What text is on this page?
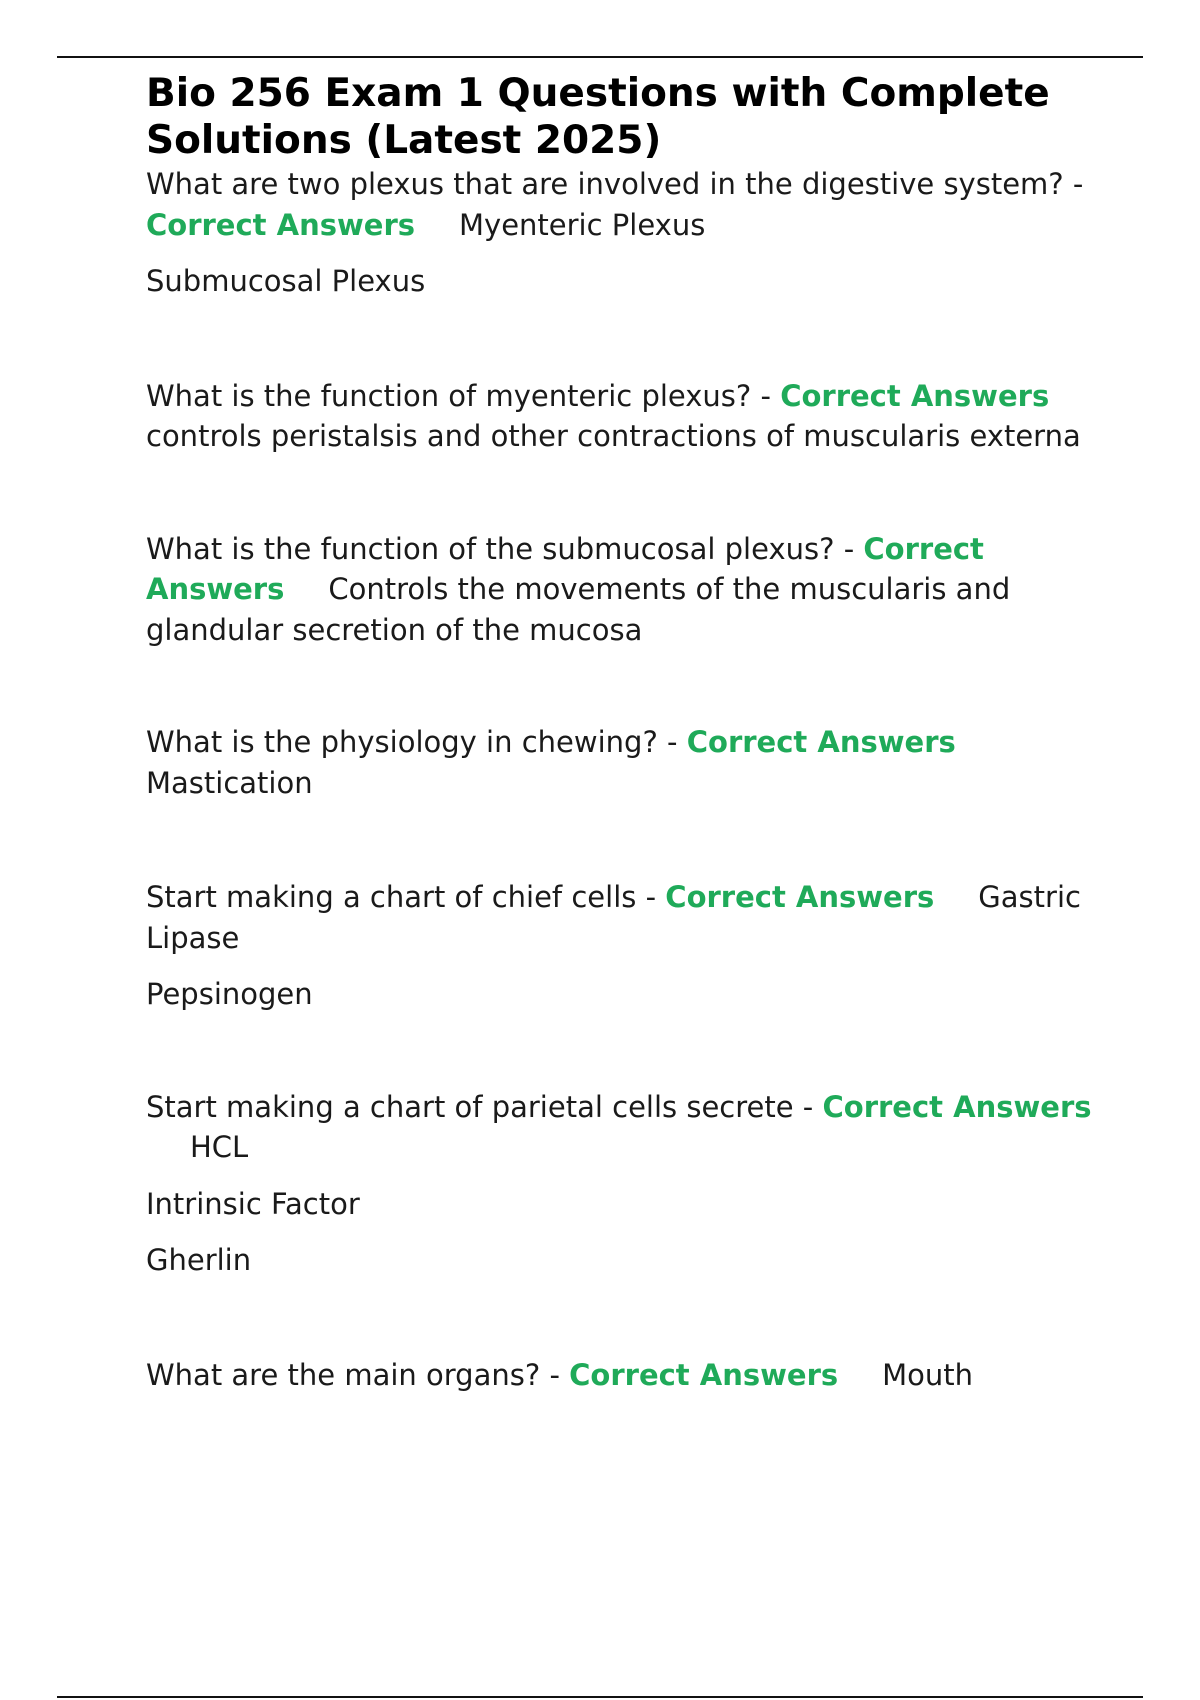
Bio 256 Exam 1 Questions with Complete Solutions (Latest 2025)

What are two plexus that are involved in the digestive system? - Correct Answers Myenteric Plexus

Submucosal Plexus

What is the function of myenteric plexus? - Correct Answerscontrols peristalsis and other contractions of muscularis externa

What is the function of the submucosal plexus? - Correct Answers Controls the movements of the muscularis and glandular secretion of the mucosa

What is the physiology in chewing? - Correct AnswersMastication

Start making a chart of chief cells - Correct Answers Gastric Lipase

Pepsinogen

Start making a chart of parietal cells secrete - Correct AnswersHCL

Intrinsic Factor

Gherlin

What are the main organs? - Correct Answers Mouth
